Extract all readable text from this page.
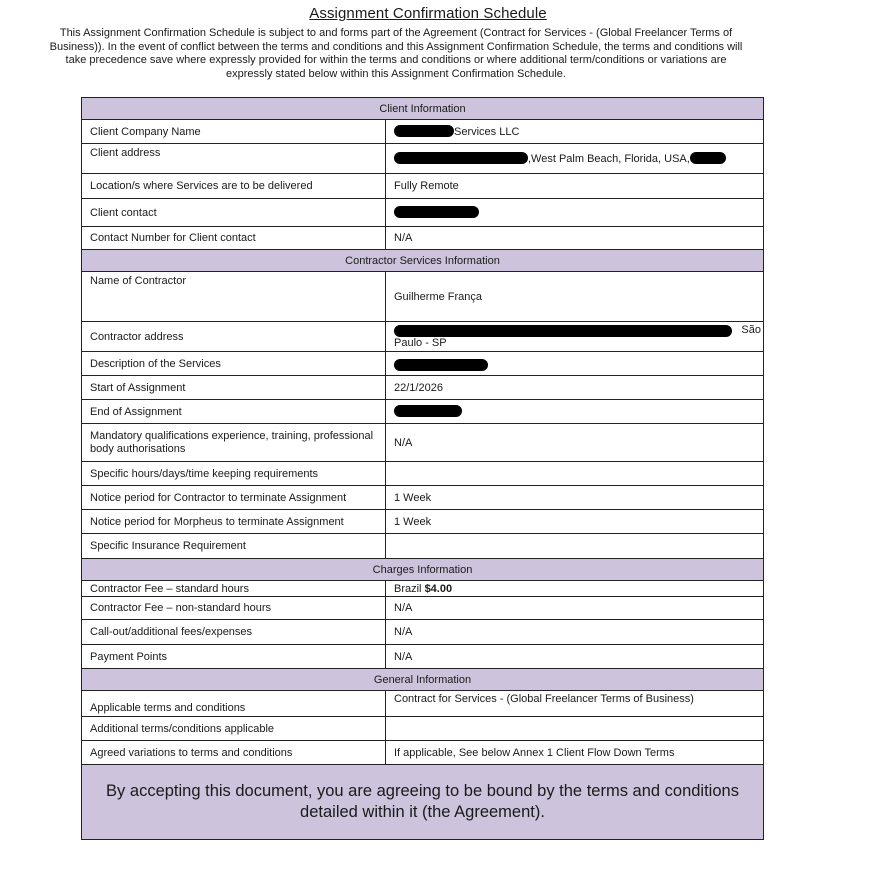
Assignment Confirmation Schedule
This Assignment Confirmation Schedule is subject to and forms part of the Agreement (Contract for Services - (Global Freelancer Terms of Business)). In the event of conflict between the terms and conditions and this Assignment Confirmation Schedule, the terms and conditions will take precedence save where expressly provided for within the terms and conditions or where additional term/conditions or variations are expressly stated below within this Assignment Confirmation Schedule.
Client Information	
Client Company Name	Services LLC
Client address	,West Palm Beach, Florida, USA,
Location/s where Services are to be delivered	Fully Remote
Client contact	
Contact Number for Client contact	N/A
Contractor Services Information	
Name of Contractor	Guilherme França
Contractor address	São
Paulo - SP

Description of the Services	
Start of Assignment	22/1/2026
End of Assignment	
Mandatory qualifications experience, training, professional body authorisations	N/A
Specific hours/days/time keeping requirements	
Notice period for Contractor to terminate Assignment	1 Week
Notice period for Morpheus to terminate Assignment	1 Week
Specific Insurance Requirement	
Charges Information	
Contractor Fee – standard hours	Brazil $4.00
Contractor Fee – non-standard hours	N/A
Call-out/additional fees/expenses	N/A
Payment Points	N/A
General Information	
Applicable terms and conditions	Contract for Services - (Global Freelancer Terms of Business)
Additional terms/conditions applicable	
Agreed variations to terms and conditions	If applicable, See below Annex 1 Client Flow Down Terms
By accepting this document, you are agreeing to be bound by the terms and conditions detailed within it (the Agreement).	
